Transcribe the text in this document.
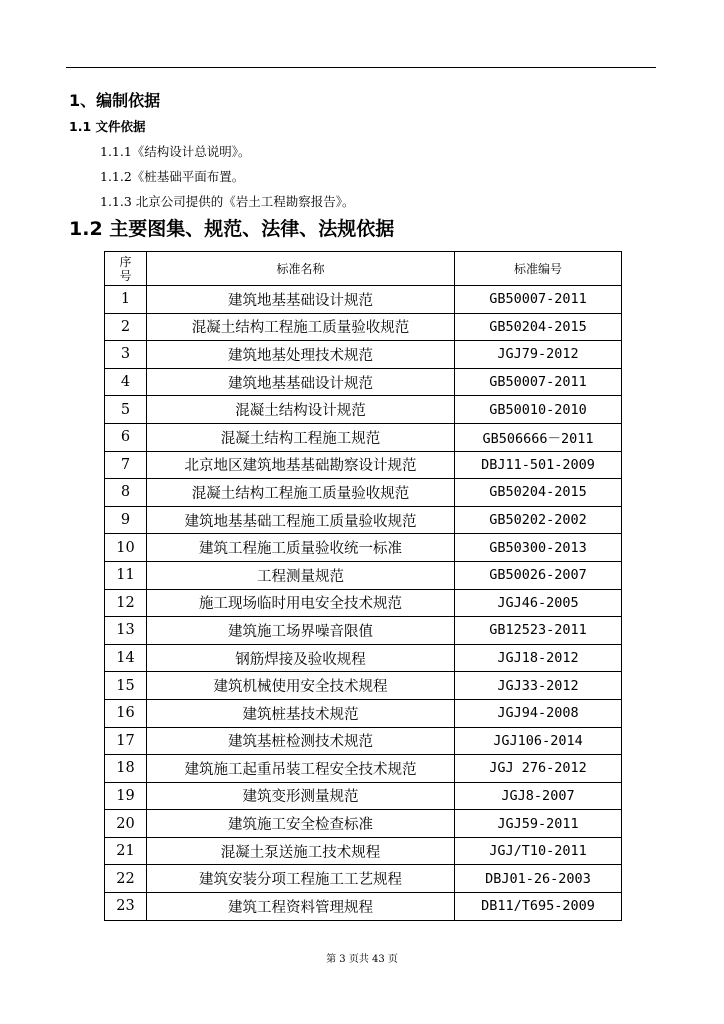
1、编制依据
1.1 文件依据
1.1.1《结构设计总说明》。
1.1.2《桩基础平面布置。
1.1.3 北京公司提供的《岩土工程勘察报告》。
1.2 主要图集、规范、法律、法规依据
序
号	标准名称	标准编号
1	建筑地基基础设计规范	GB50007-2011
2	混凝土结构工程施工质量验收规范	GB50204-2015
3	建筑地基处理技术规范	JGJ79-2012
4	建筑地基基础设计规范	GB50007-2011
5	混凝土结构设计规范	GB50010-2010
6	混凝土结构工程施工规范	GB506666－2011
7	北京地区建筑地基基础勘察设计规范	DBJ11-501-2009
8	混凝土结构工程施工质量验收规范	GB50204-2015
9	建筑地基基础工程施工质量验收规范	GB50202-2002
10	建筑工程施工质量验收统一标准	GB50300-2013
11	工程测量规范	GB50026-2007
12	施工现场临时用电安全技术规范	JGJ46-2005
13	建筑施工场界噪音限值	GB12523-2011
14	钢筋焊接及验收规程	JGJ18-2012
15	建筑机械使用安全技术规程	JGJ33-2012
16	建筑桩基技术规范	JGJ94-2008
17	建筑基桩检测技术规范	JGJ106-2014
18	建筑施工起重吊装工程安全技术规范	JGJ 276-2012
19	建筑变形测量规范	JGJ8-2007
20	建筑施工安全检查标准	JGJ59-2011
21	混凝土泵送施工技术规程	JGJ/T10-2011
22	建筑安装分项工程施工工艺规程	DBJ01-26-2003
23	建筑工程资料管理规程	DB11/T695-2009
第 3 页共 43 页
